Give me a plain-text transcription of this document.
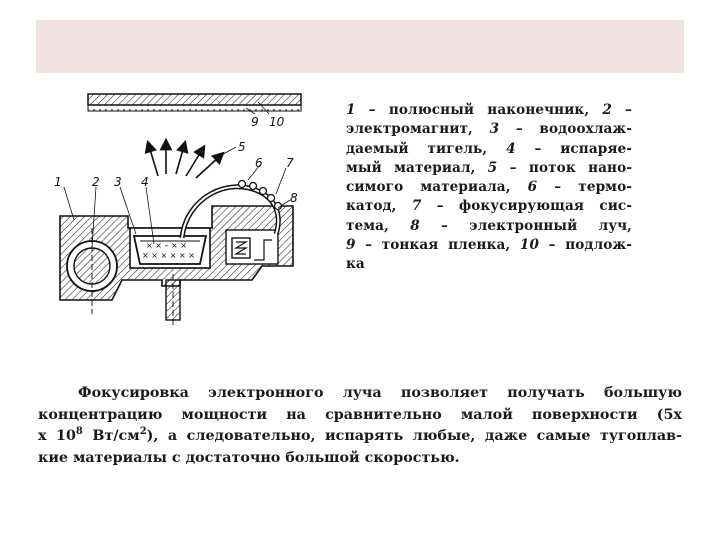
× × – × ×
× × × × × ×
1	2 3 4
5
6 7
8
9 10
1 – полюсный наконечник, 2 –
электромагнит, 3 – водоохлаж-
даемый тигель, 4 – испаряе-
мый материал, 5 – поток нано-
симого материала, 6 – термо-
катод, 7 – фокусирующая сис-
тема, 8 – электронный луч,
9 – тонкая пленка, 10 – подлож-
ка
Фокусировка электронного луча позволяет получать большую
концентрацию мощности на сравнительно малой поверхности (5х
х $10^8$ $Вт/см^2$), а следовательно, испарять любые, даже самые тугоплав-
кие материалы с достаточно большой скоростью.
